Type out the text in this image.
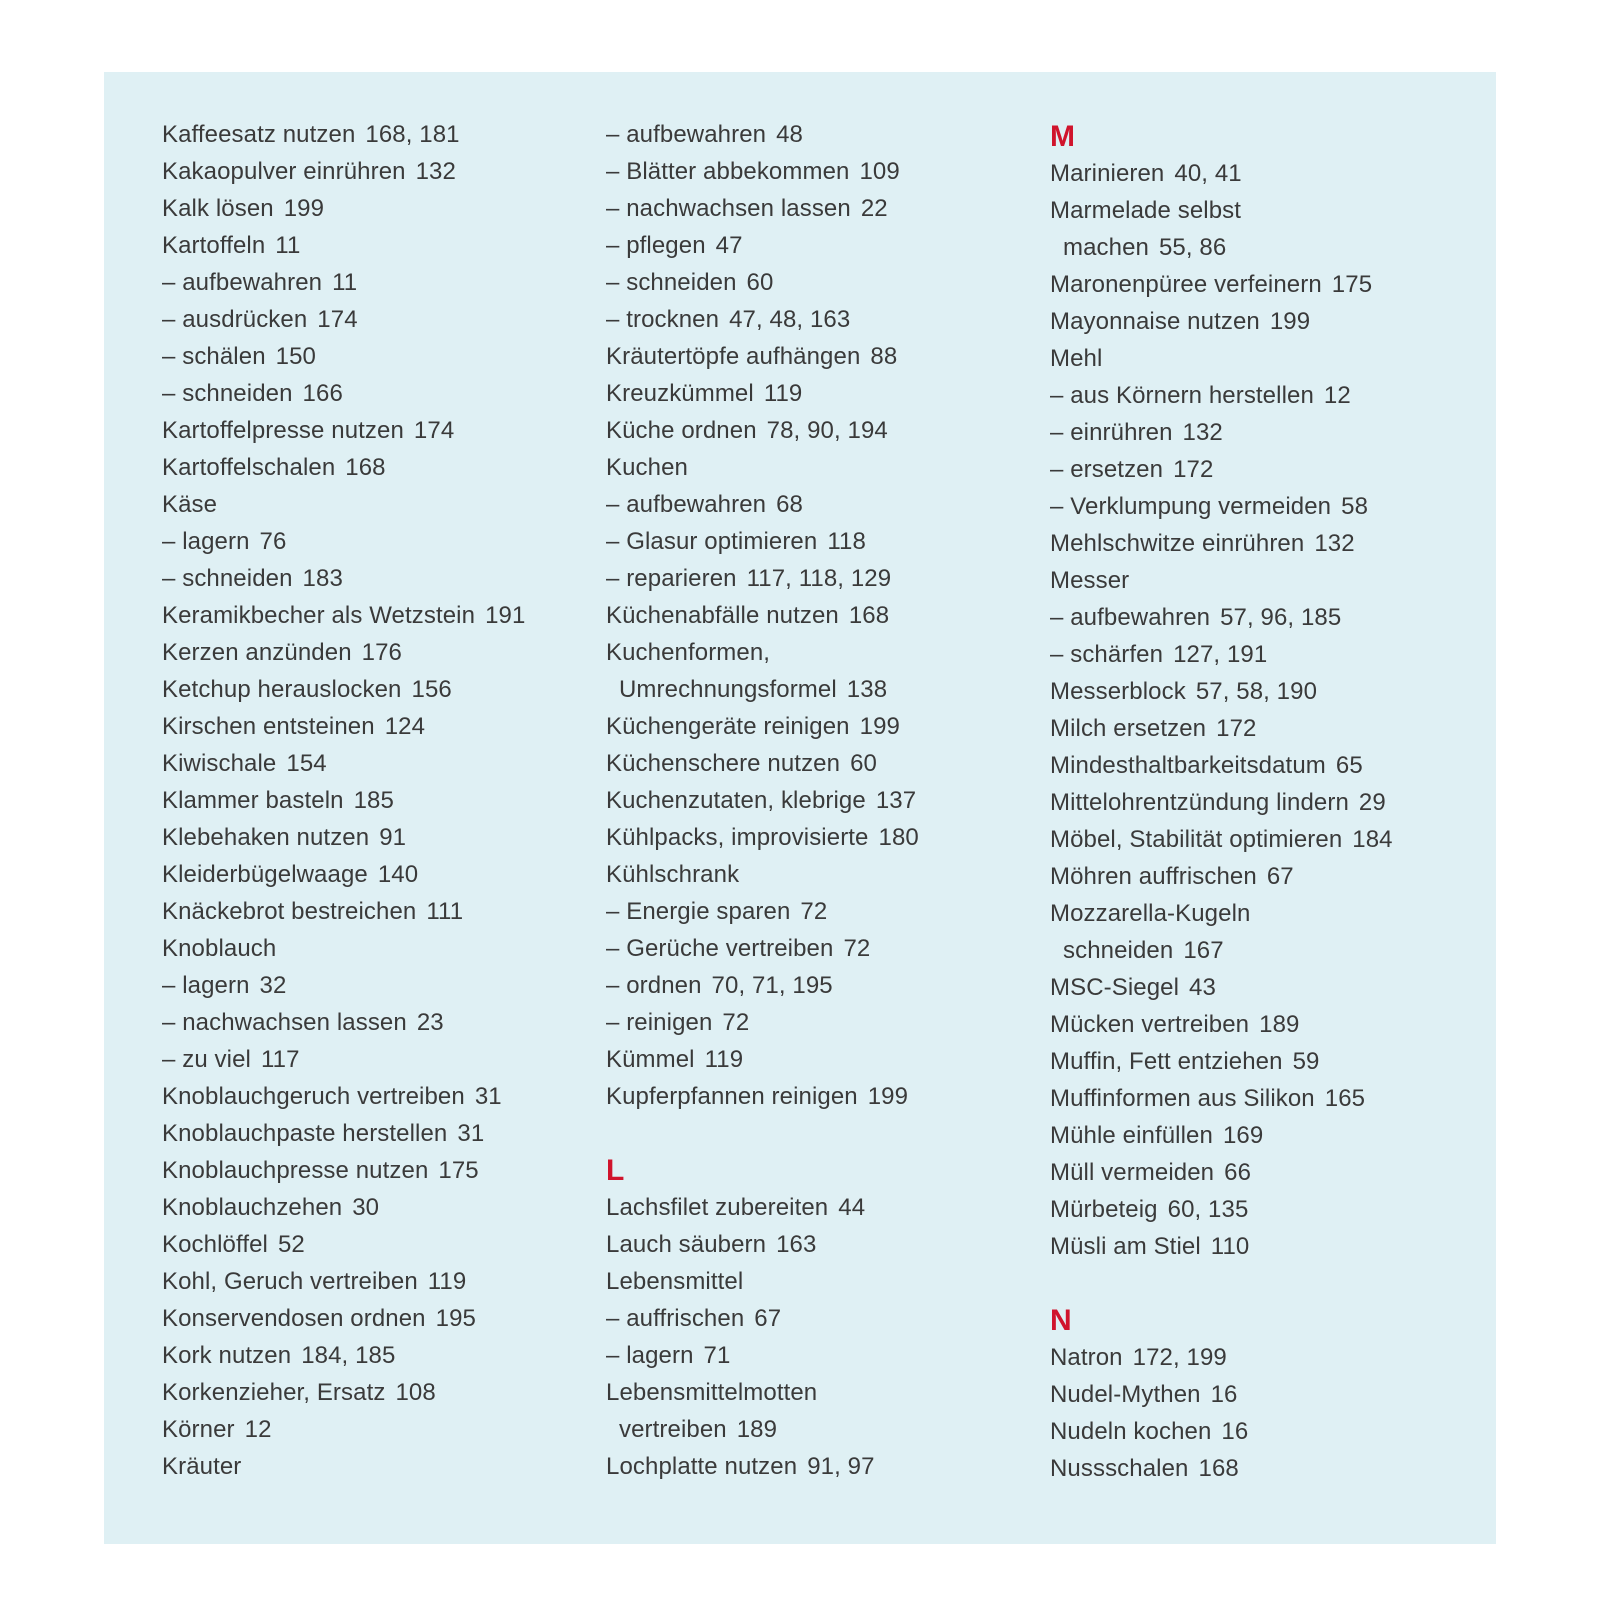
Kaffeesatz nutzen 168, 181
Kakaopulver einrühren 132
Kalk lösen 199
Kartoffeln 11
– aufbewahren 11
– ausdrücken 174
– schälen 150
– schneiden 166
Kartoffelpresse nutzen 174
Kartoffelschalen 168
Käse
– lagern 76
– schneiden 183
Keramikbecher als Wetzstein 191
Kerzen anzünden 176
Ketchup herauslocken 156
Kirschen entsteinen 124
Kiwischale 154
Klammer basteln 185
Klebehaken nutzen 91
Kleiderbügelwaage 140
Knäckebrot bestreichen 111
Knoblauch
– lagern 32
– nachwachsen lassen 23
– zu viel 117
Knoblauchgeruch vertreiben 31
Knoblauchpaste herstellen 31
Knoblauchpresse nutzen 175
Knoblauchzehen 30
Kochlöffel 52
Kohl, Geruch vertreiben 119
Konservendosen ordnen 195
Kork nutzen 184, 185
Korkenzieher, Ersatz 108
Körner 12
Kräuter
– aufbewahren 48
– Blätter abbekommen 109
– nachwachsen lassen 22
– pflegen 47
– schneiden 60
– trocknen 47, 48, 163
Kräutertöpfe aufhängen 88
Kreuzkümmel 119
Küche ordnen 78, 90, 194
Kuchen
– aufbewahren 68
– Glasur optimieren 118
– reparieren 117, 118, 129
Küchenabfälle nutzen 168
Kuchenformen,
Umrechnungsformel 138
Küchengeräte reinigen 199
Küchenschere nutzen 60
Kuchenzutaten, klebrige 137
Kühlpacks, improvisierte 180
Kühlschrank
– Energie sparen 72
– Gerüche vertreiben 72
– ordnen 70, 71, 195
– reinigen 72
Kümmel 119
Kupferpfannen reinigen 199
L
Lachsfilet zubereiten 44
Lauch säubern 163
Lebensmittel
– auffrischen 67
– lagern 71
Lebensmittelmotten
vertreiben 189
Lochplatte nutzen 91, 97
M
Marinieren 40, 41
Marmelade selbst
machen 55, 86
Maronenpüree verfeinern 175
Mayonnaise nutzen 199
Mehl
– aus Körnern herstellen 12
– einrühren 132
– ersetzen 172
– Verklumpung vermeiden 58
Mehlschwitze einrühren 132
Messer
– aufbewahren 57, 96, 185
– schärfen 127, 191
Messerblock 57, 58, 190
Milch ersetzen 172
Mindesthaltbarkeitsdatum 65
Mittelohrentzündung lindern 29
Möbel, Stabilität optimieren 184
Möhren auffrischen 67
Mozzarella-Kugeln
schneiden 167
MSC-Siegel 43
Mücken vertreiben 189
Muffin, Fett entziehen 59
Muffinformen aus Silikon 165
Mühle einfüllen 169
Müll vermeiden 66
Mürbeteig 60, 135
Müsli am Stiel 110
N
Natron 172, 199
Nudel-Mythen 16
Nudeln kochen 16
Nussschalen 168
